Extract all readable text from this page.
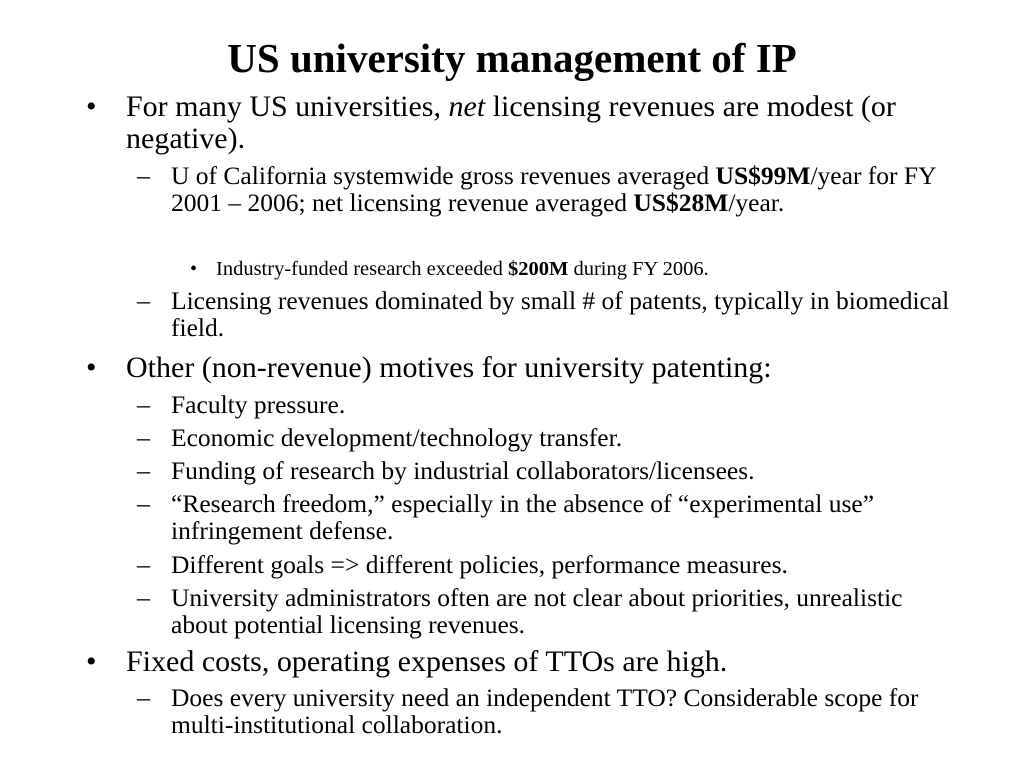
US university management of IP
• For many US universities, net licensing revenues are modest (or negative).
– U of California systemwide gross revenues averaged US$99M/year for FY 2001 – 2006; net licensing revenue averaged US$28M/year.
• Industry-funded research exceeded $200M during FY 2006.
– Licensing revenues dominated by small # of patents, typically in biomedical field.
• Other (non-revenue) motives for university patenting:
– Faculty pressure.
– Economic development/technology transfer.
– Funding of research by industrial collaborators/licensees.
– “Research freedom,” especially in the absence of “experimental use” infringement defense.
– Different goals => different policies, performance measures.
– University administrators often are not clear about priorities, unrealistic about potential licensing revenues.
• Fixed costs, operating expenses of TTOs are high.
– Does every university need an independent TTO? Considerable scope for multi-institutional collaboration.
